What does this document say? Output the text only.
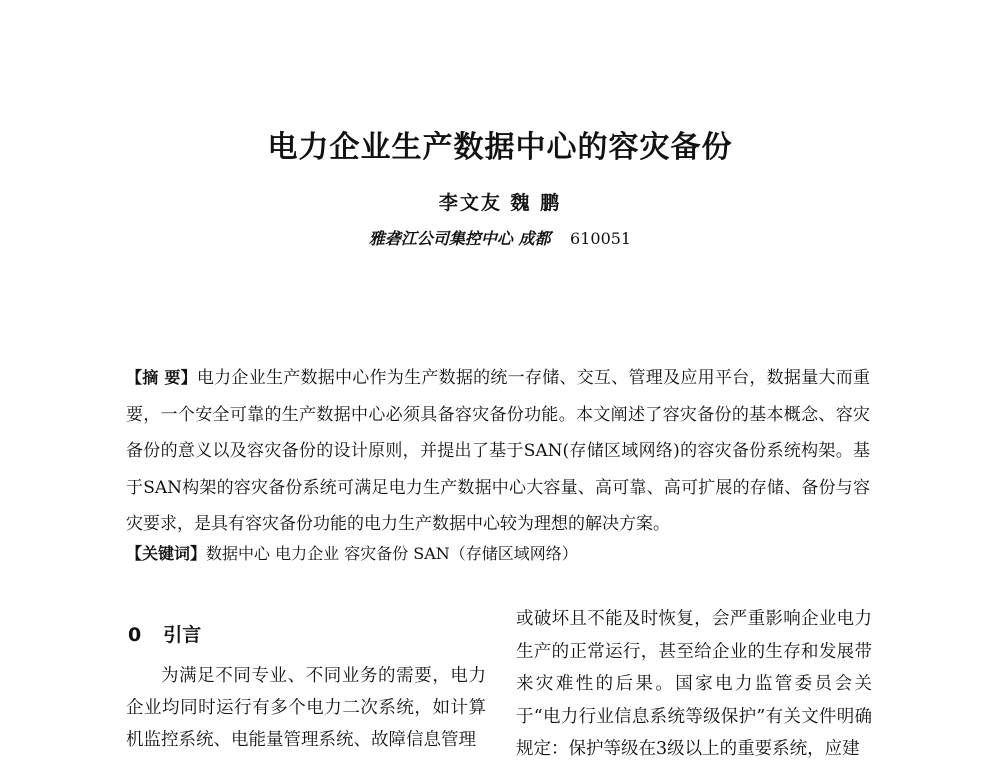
电力企业生产数据中心的容灾备份
李文友 魏 鹏
雅砻江公司集控中心 成都 610051
【摘 要】电力企业生产数据中心作为生产数据的统一存储、交互、管理及应用平台，数据量大而重要，一个安全可靠的生产数据中心必须具备容灾备份功能。本文阐述了容灾备份的基本概念、容灾备份的意义以及容灾备份的设计原则，并提出了基于SAN(存储区域网络)的容灾备份系统构架。基于SAN构架的容灾备份系统可满足电力生产数据中心大容量、高可靠、高可扩展的存储、备份与容灾要求，是具有容灾备份功能的电力生产数据中心较为理想的解决方案。
【关键词】数据中心 电力企业 容灾备份 SAN（存储区域网络）
0 引言

为满足不同专业、不同业务的需要，电力企业均同时运行有多个电力二次系统，如计算机监控系统、电能量管理系统、故障信息管理

或破坏且不能及时恢复，会严重影响企业电力生产的正常运行，甚至给企业的生存和发展带来灾难性的后果。国家电力监管委员会关于“电力行业信息系统等级保护”有关文件明确规定：保护等级在3级以上的重要系统，应建
